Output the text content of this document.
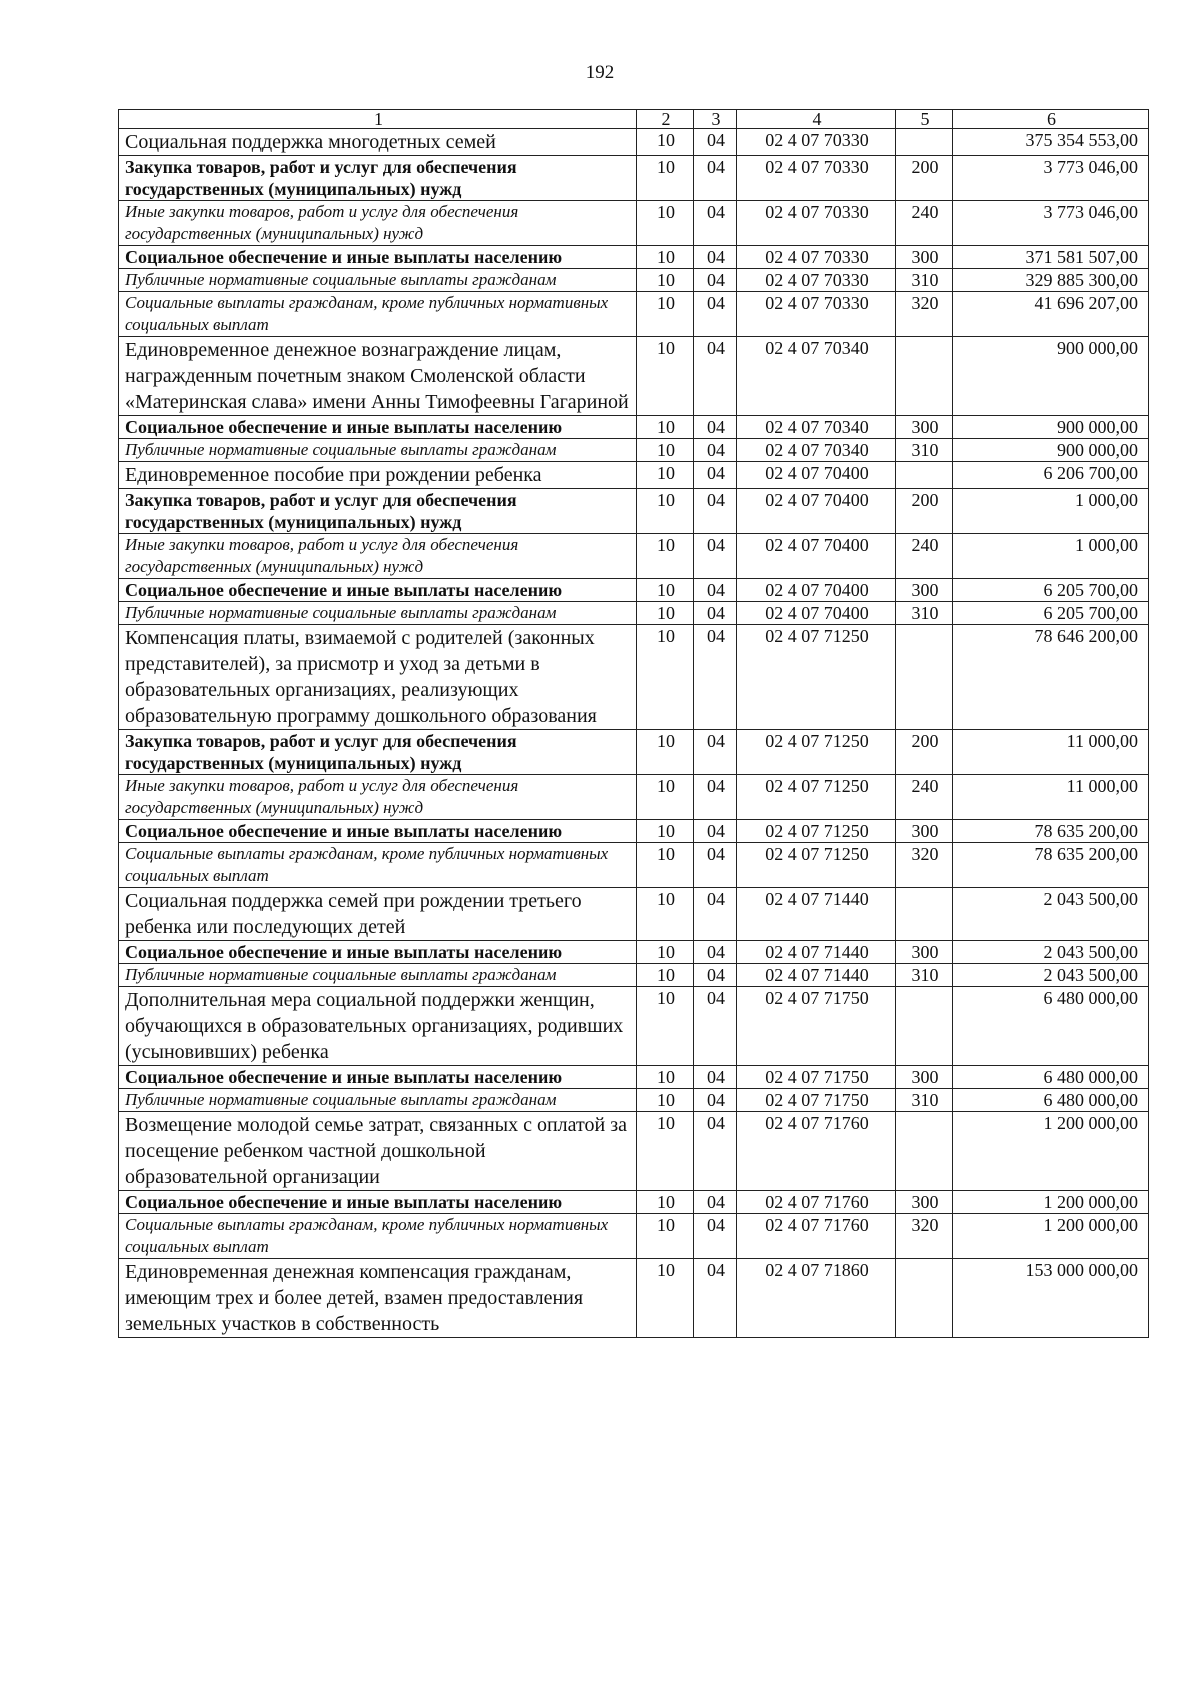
192
1	2	3	4	5	6
Социальная поддержка многодетных семей	10	04	02 4 07 70330		375 354 553,00
Закупка товаров, работ и услуг для обеспечения государственных (муниципальных) нужд	10	04	02 4 07 70330	200	3 773 046,00
Иные закупки товаров, работ и услуг для обеспечения государственных (муниципальных) нужд	10	04	02 4 07 70330	240	3 773 046,00
Социальное обеспечение и иные выплаты населению	10	04	02 4 07 70330	300	371 581 507,00
Публичные нормативные социальные выплаты гражданам	10	04	02 4 07 70330	310	329 885 300,00
Социальные выплаты гражданам, кроме публичных нормативных социальных выплат	10	04	02 4 07 70330	320	41 696 207,00
Единовременное денежное вознаграждение лицам, награжденным почетным знаком Смоленской области «Материнская слава» имени Анны Тимофеевны Гагариной	10	04	02 4 07 70340		900 000,00
Социальное обеспечение и иные выплаты населению	10	04	02 4 07 70340	300	900 000,00
Публичные нормативные социальные выплаты гражданам	10	04	02 4 07 70340	310	900 000,00
Единовременное пособие при рождении ребенка	10	04	02 4 07 70400		6 206 700,00
Закупка товаров, работ и услуг для обеспечения государственных (муниципальных) нужд	10	04	02 4 07 70400	200	1 000,00
Иные закупки товаров, работ и услуг для обеспечения государственных (муниципальных) нужд	10	04	02 4 07 70400	240	1 000,00
Социальное обеспечение и иные выплаты населению	10	04	02 4 07 70400	300	6 205 700,00
Публичные нормативные социальные выплаты гражданам	10	04	02 4 07 70400	310	6 205 700,00
Компенсация платы, взимаемой с родителей (законных представителей), за присмотр и уход за детьми в образовательных организациях, реализующих образовательную программу дошкольного образования	10	04	02 4 07 71250		78 646 200,00
Закупка товаров, работ и услуг для обеспечения государственных (муниципальных) нужд	10	04	02 4 07 71250	200	11 000,00
Иные закупки товаров, работ и услуг для обеспечения государственных (муниципальных) нужд	10	04	02 4 07 71250	240	11 000,00
Социальное обеспечение и иные выплаты населению	10	04	02 4 07 71250	300	78 635 200,00
Социальные выплаты гражданам, кроме публичных нормативных социальных выплат	10	04	02 4 07 71250	320	78 635 200,00
Социальная поддержка семей при рождении третьего ребенка или последующих детей	10	04	02 4 07 71440		2 043 500,00
Социальное обеспечение и иные выплаты населению	10	04	02 4 07 71440	300	2 043 500,00
Публичные нормативные социальные выплаты гражданам	10	04	02 4 07 71440	310	2 043 500,00
Дополнительная мера социальной поддержки женщин, обучающихся в образовательных организациях, родивших (усыновивших) ребенка	10	04	02 4 07 71750		6 480 000,00
Социальное обеспечение и иные выплаты населению	10	04	02 4 07 71750	300	6 480 000,00
Публичные нормативные социальные выплаты гражданам	10	04	02 4 07 71750	310	6 480 000,00
Возмещение молодой семье затрат, связанных с оплатой за посещение ребенком частной дошкольной образовательной организации	10	04	02 4 07 71760		1 200 000,00
Социальное обеспечение и иные выплаты населению	10	04	02 4 07 71760	300	1 200 000,00
Социальные выплаты гражданам, кроме публичных нормативных социальных выплат	10	04	02 4 07 71760	320	1 200 000,00
Единовременная денежная компенсация гражданам, имеющим трех и более детей, взамен предоставления земельных участков в собственность	10	04	02 4 07 71860		153 000 000,00
